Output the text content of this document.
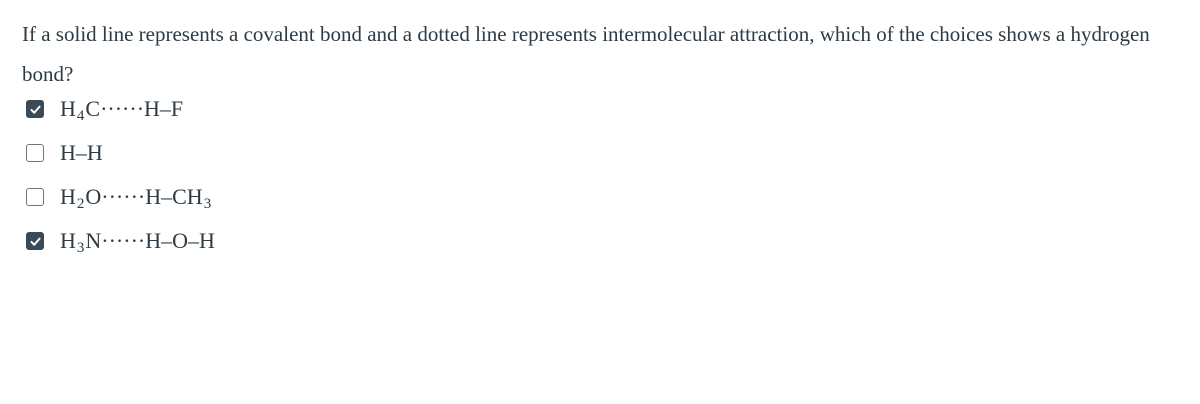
If a solid line represents a covalent bond and a dotted line represents intermolecular attraction, which of the choices shows a hydrogen bond?
$H_4$ C······H–F
H–H
$H_2$ $O\cdot\cdot\cdot\cdot\cdot\cdot H-CH_3$
$H_3$ N······H–O–H
